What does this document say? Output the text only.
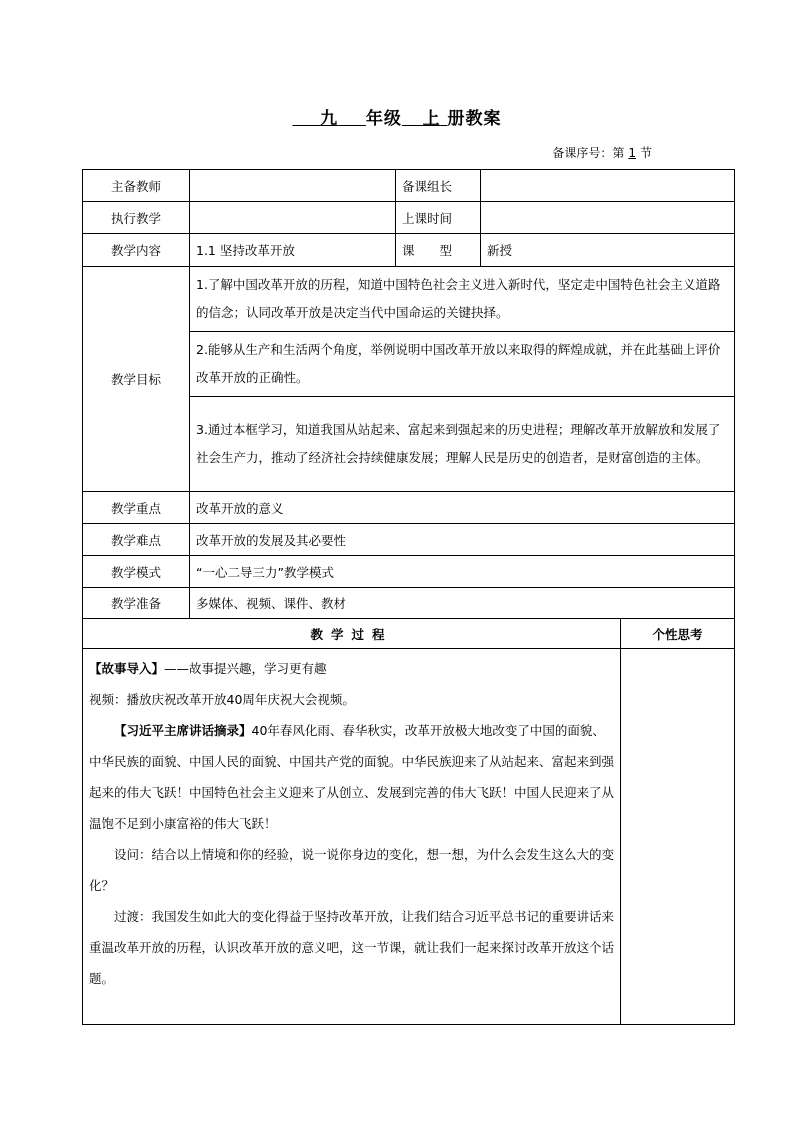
九 年级 上 册教案
备课序号：第 1 节
主备教师		备课组长		
执行教学		上课时间		
教学内容	1.1 坚持改革开放	课　　型	新授	
教学目标	1.了解中国改革开放的历程，知道中国特色社会主义进入新时代，坚定走中国特色社会主义道路的信念；认同改革开放是决定当代中国命运的关键抉择。			
	2.能够从生产和生活两个角度，举例说明中国改革开放以来取得的辉煌成就，并在此基础上评价改革开放的正确性。			
	3.通过本框学习，知道我国从站起来、富起来到强起来的历史进程；理解改革开放解放和发展了社会生产力，推动了经济社会持续健康发展；理解人民是历史的创造者，是财富创造的主体。			
教学重点	改革开放的意义			
教学难点	改革开放的发展及其必要性			
教学模式	“一心二导三力”教学模式			
教学准备	多媒体、视频、课件、教材			
教学过程				个性思考

【故事导入】——故事提兴趣，学习更有趣

视频：播放庆祝改革开放40周年庆祝大会视频。

【习近平主席讲话摘录】40年春风化雨、春华秋实，改革开放极大地改变了中国的面貌、中华民族的面貌、中国人民的面貌、中国共产党的面貌。中华民族迎来了从站起来、富起来到强起来的伟大飞跃！中国特色社会主义迎来了从创立、发展到完善的伟大飞跃！中国人民迎来了从温饱不足到小康富裕的伟大飞跃！

设问：结合以上情境和你的经验，说一说你身边的变化，想一想，为什么会发生这么大的变化？

过渡：我国发生如此大的变化得益于坚持改革开放，让我们结合习近平总书记的重要讲话来重温改革开放的历程，认识改革开放的意义吧，这一节课，就让我们一起来探讨改革开放这个话题。				
